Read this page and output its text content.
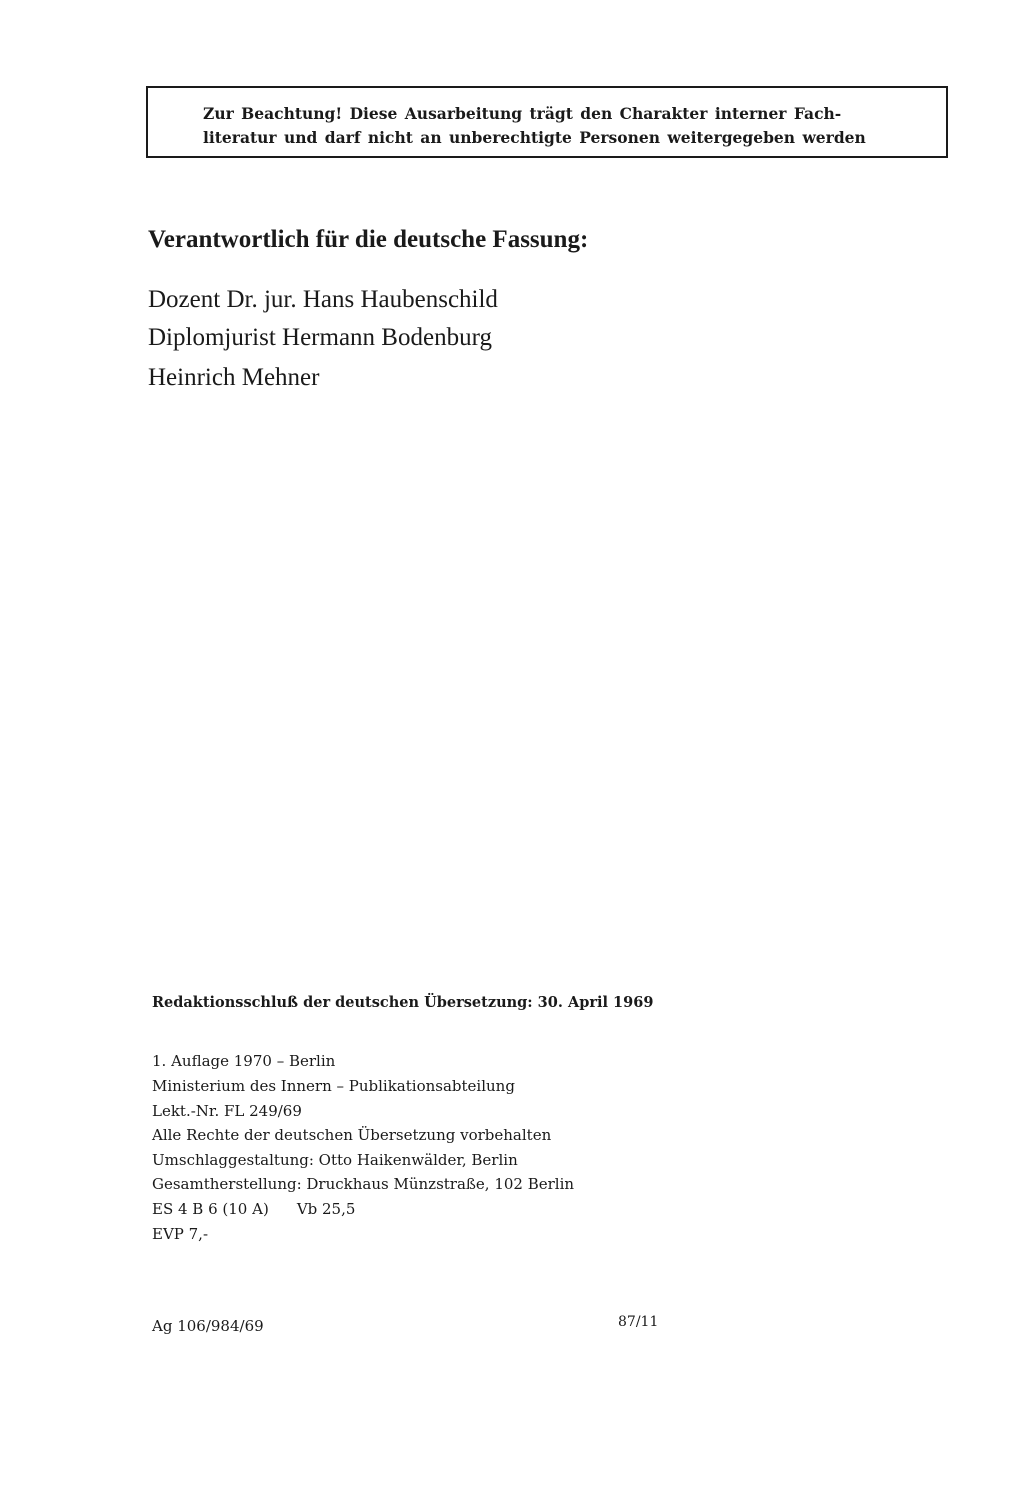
Zur Beachtung! Diese Ausarbeitung trägt den Charakter interner Fach-
literatur und darf nicht an unberechtigte Personen weitergegeben werden
Verantwortlich für die deutsche Fassung:
Dozent Dr. jur. Hans Haubenschild
Diplomjurist Hermann Bodenburg
Heinrich Mehner
Redaktionsschluß der deutschen Übersetzung: 30. April 1969
1. Auflage 1970 – Berlin
Ministerium des Innern – Publikationsabteilung
Lekt.-Nr. FL 249/69
Alle Rechte der deutschen Übersetzung vorbehalten
Umschlaggestaltung: Otto Haikenwälder, Berlin
Gesamtherstellung: Druckhaus Münzstraße, 102 Berlin
ES 4 B 6 (10 A) Vb 25,5
EVP 7,-
Ag 106/984/69	87/11
